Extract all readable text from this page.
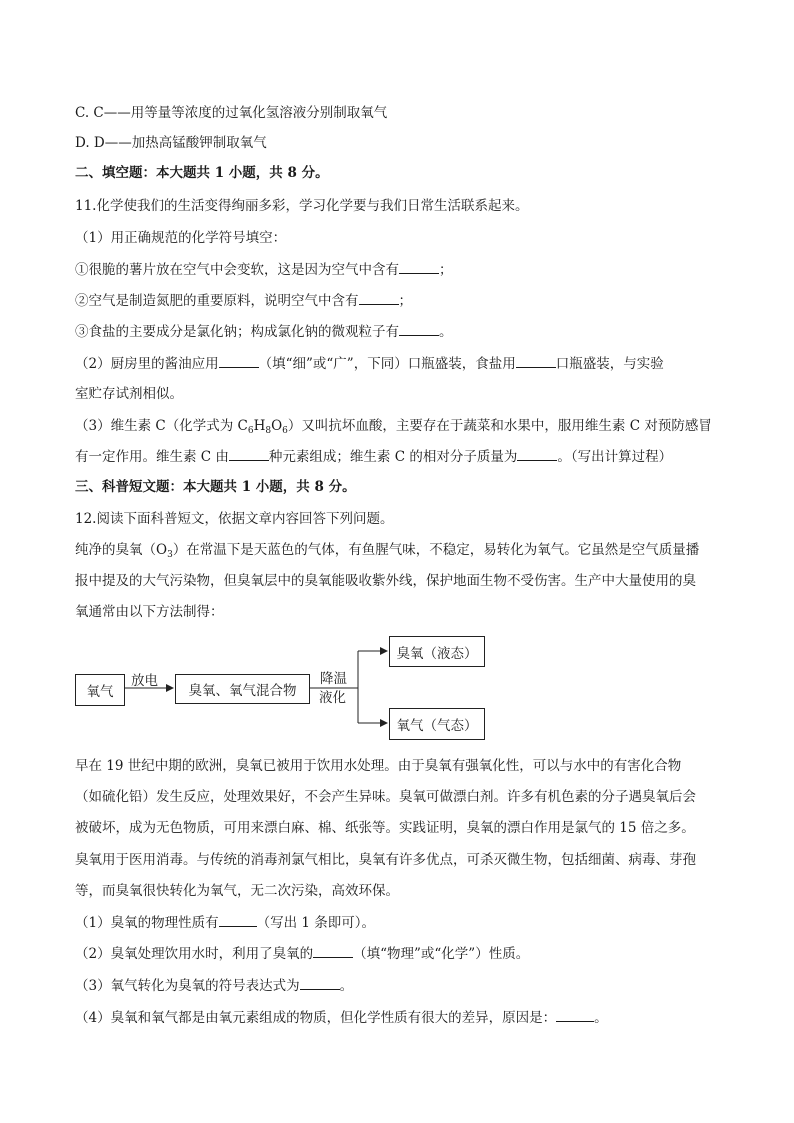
C. C——用等量等浓度的过氧化氢溶液分别制取氧气
D. D——加热高锰酸钾制取氧气
二、填空题：本大题共 1 小题，共 8 分。
11.化学使我们的生活变得绚丽多彩，学习化学要与我们日常生活联系起来。
（1）用正确规范的化学符号填空：
①很脆的薯片放在空气中会变软，这是因为空气中含有	；
②空气是制造氮肥的重要原料，说明空气中含有	；
③食盐的主要成分是氯化钠；构成氯化钠的微观粒子有	。
（2）厨房里的酱油应用	（填“细”或“广”，下同）口瓶盛装，食盐用	口瓶盛装，与实验
室贮存试剂相似。
（3）维生素 C（化学式为 $C_6H_8O_6$）又叫抗坏血酸，主要存在于蔬菜和水果中，服用维生素 C 对预防感冒
有一定作用。维生素 C 由	种元素组成；维生素 C 的相对分子质量为	。（写出计算过程）
三、科普短文题：本大题共 1 小题，共 8 分。
12.阅读下面科普短文，依据文章内容回答下列问题。
纯净的臭氧$(O_3)$在常温下是天蓝色的气体，有鱼腥气味，不稳定，易转化为氧气。它虽然是空气质量播
报中提及的大气污染物，但臭氧层中的臭氧能吸收紫外线，保护地面生物不受伤害。生产中大量使用的臭
氧通常由以下方法制得：
氧气
放电
臭氧、氧气混合物
降温
液化
臭氧（液态）
氧气（气态）
早在 19 世纪中期的欧洲，臭氧已被用于饮用水处理。由于臭氧有强氧化性，可以与水中的有害化合物
（如硫化铅）发生反应，处理效果好，不会产生异味。臭氧可做漂白剂。许多有机色素的分子遇臭氧后会
被破坏，成为无色物质，可用来漂白麻、棉、纸张等。实践证明，臭氧的漂白作用是氯气的 15 倍之多。
臭氧用于医用消毒。与传统的消毒剂氯气相比，臭氧有许多优点，可杀灭微生物，包括细菌、病毒、芽孢
等，而臭氧很快转化为氧气，无二次污染，高效环保。
（1）臭氧的物理性质有	（写出 1 条即可）。
（2）臭氧处理饮用水时，利用了臭氧的	（填“物理”或“化学”）性质。
（3）氧气转化为臭氧的符号表达式为	。
（4）臭氧和氧气都是由氧元素组成的物质，但化学性质有很大的差异，原因是：	。
